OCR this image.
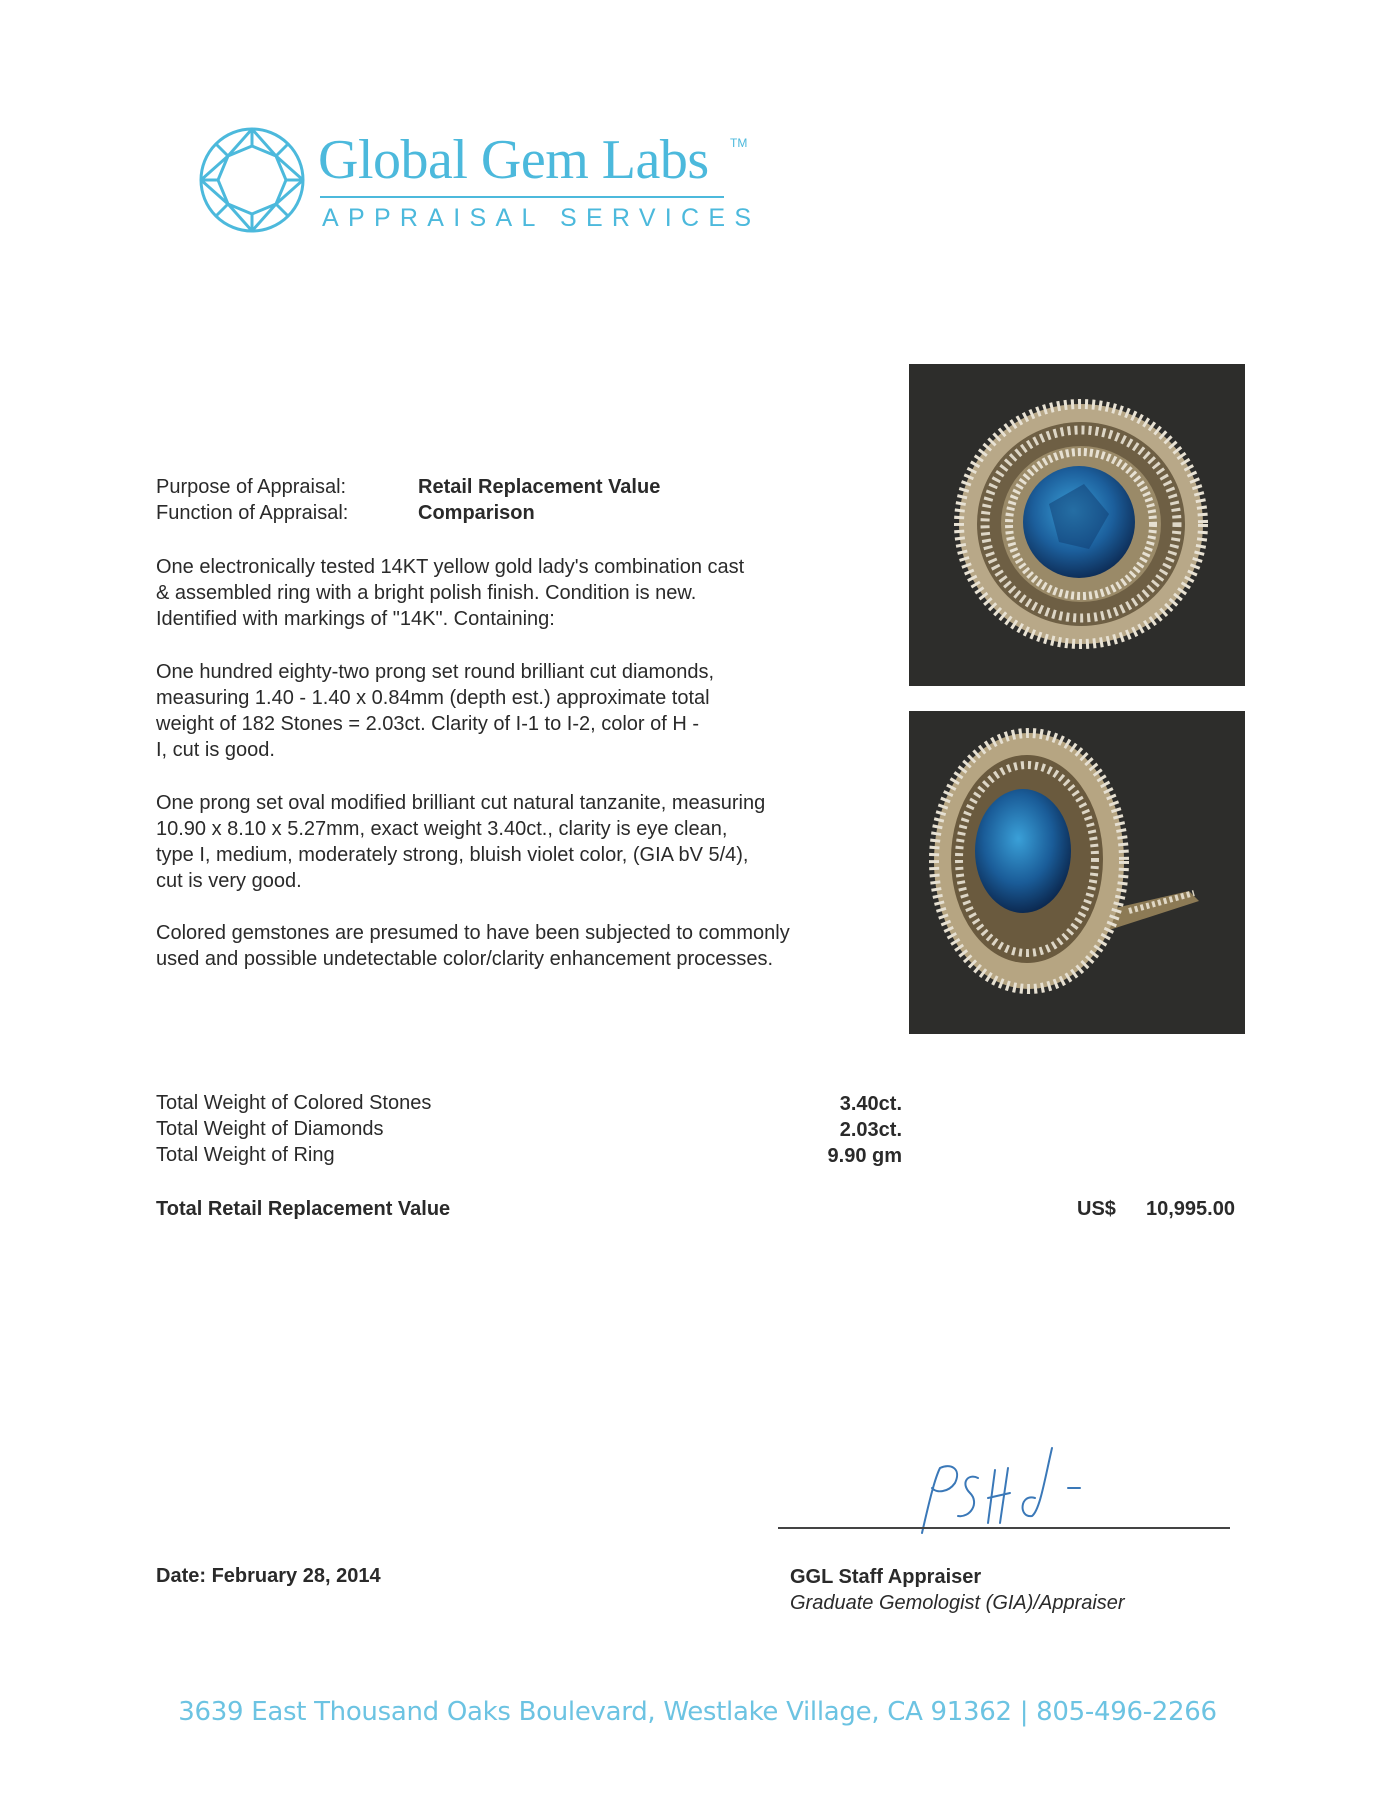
Global Gem Labs TM
APPRAISAL SERVICES
Purpose of Appraisal:	Retail Replacement Value
Function of Appraisal:	Comparison

One electronically tested 14KT yellow gold lady's combination cast

& assembled ring with a bright polish finish. Condition is new.

Identified with markings of "14K". Containing:

One hundred eighty-two prong set round brilliant cut diamonds,

measuring 1.40 - 1.40 x 0.84mm (depth est.) approximate total

weight of 182 Stones = 2.03ct. Clarity of I-1 to I-2, color of H -

I, cut is good.

One prong set oval modified brilliant cut natural tanzanite, measuring

10.90 x 8.10 x 5.27mm, exact weight 3.40ct., clarity is eye clean,

type I, medium, moderately strong, bluish violet color, (GIA bV 5/4),

cut is very good.

Colored gemstones are presumed to have been subjected to commonly

used and possible undetectable color/clarity enhancement processes.

Total Weight of Colored Stones	3.40ct.
Total Weight of Diamonds	2.03ct.
Total Weight of Ring	9.90 gm
Total Retail Replacement Value	US$ 10,995.00
Date: February 28, 2014	GGL Staff Appraiser
Graduate Gemologist (GIA)/Appraiser
3639 East Thousand Oaks Boulevard, Westlake Village, CA 91362 | 805-496-2266
